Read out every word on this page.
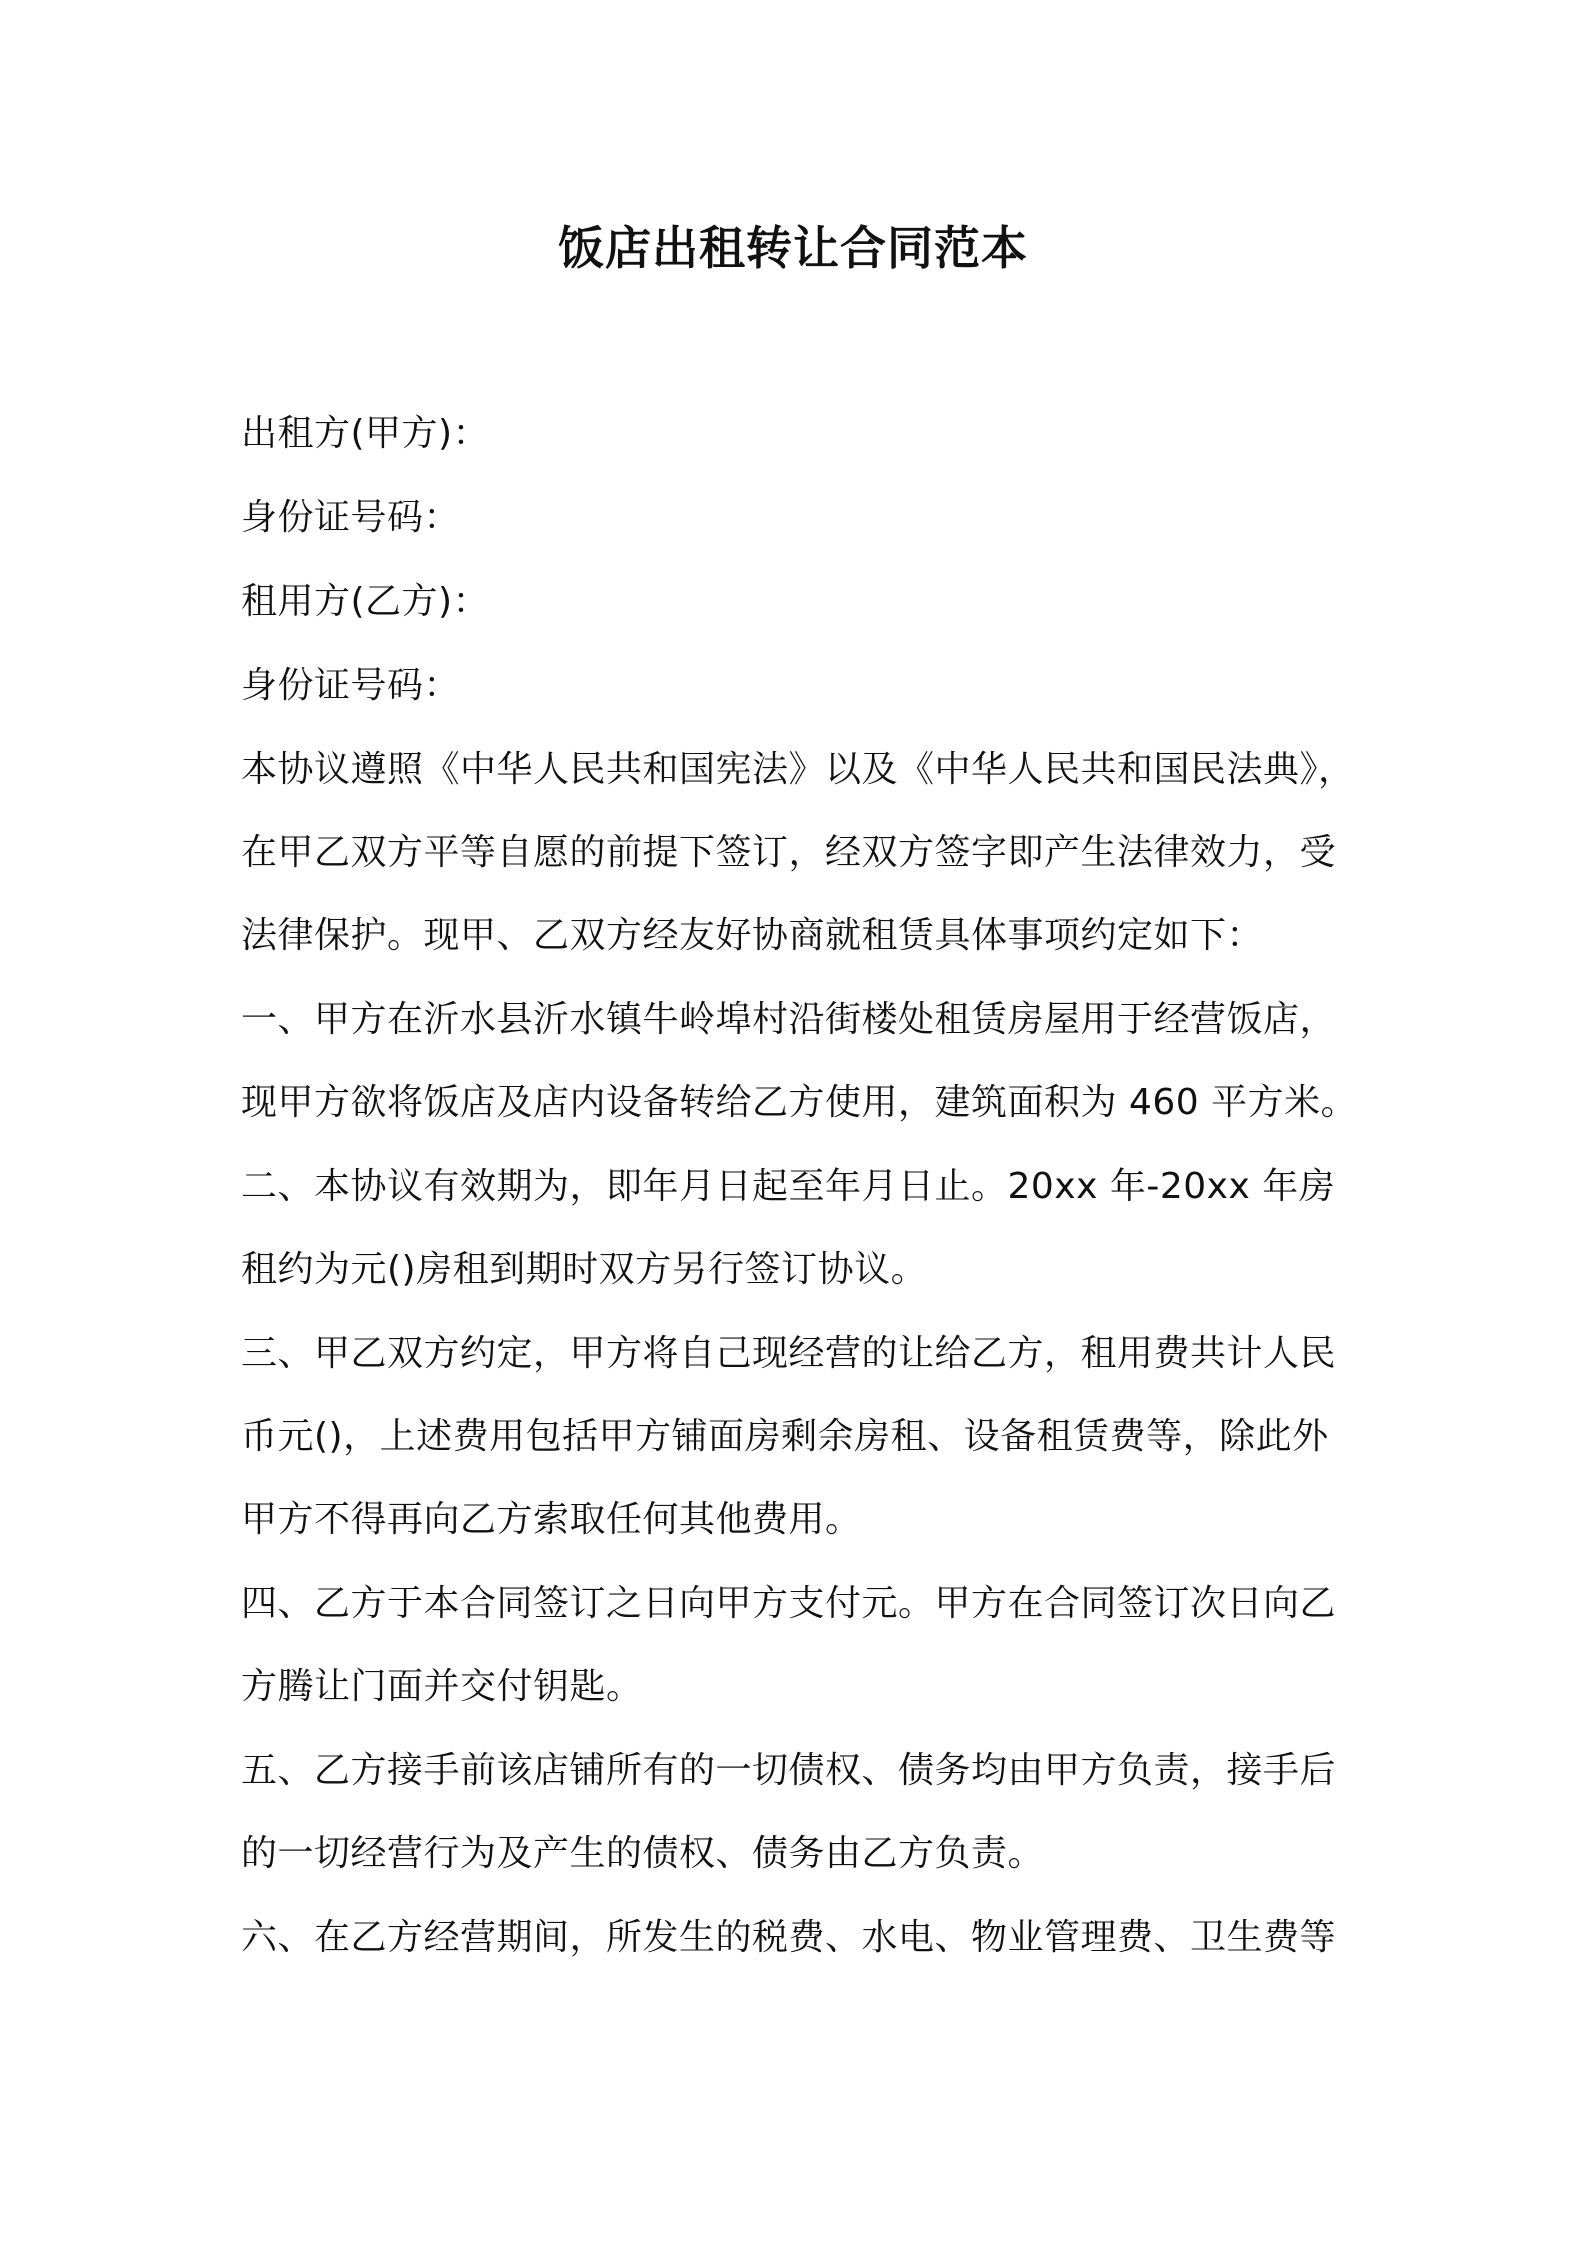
饭店出租转让合同范本
出租方(甲方)：
身份证号码：
租用方(乙方)：
身份证号码：
本协议遵照《中华人民共和国宪法》以及《中华人民共和国民法典》，
在甲乙双方平等自愿的前提下签订，经双方签字即产生法律效力，受
法律保护。现甲、乙双方经友好协商就租赁具体事项约定如下：
一、甲方在沂水县沂水镇牛岭埠村沿街楼处租赁房屋用于经营饭店，
现甲方欲将饭店及店内设备转给乙方使用，建筑面积为 460 平方米。
二、本协议有效期为，即年月日起至年月日止。20xx 年-20xx 年房
租约为元()房租到期时双方另行签订协议。
三、甲乙双方约定，甲方将自己现经营的让给乙方，租用费共计人民
币元()，上述费用包括甲方铺面房剩余房租、设备租赁费等，除此外
甲方不得再向乙方索取任何其他费用。
四、乙方于本合同签订之日向甲方支付元。甲方在合同签订次日向乙
方腾让门面并交付钥匙。
五、乙方接手前该店铺所有的一切债权、债务均由甲方负责，接手后
的一切经营行为及产生的债权、债务由乙方负责。
六、在乙方经营期间，所发生的税费、水电、物业管理费、卫生费等
